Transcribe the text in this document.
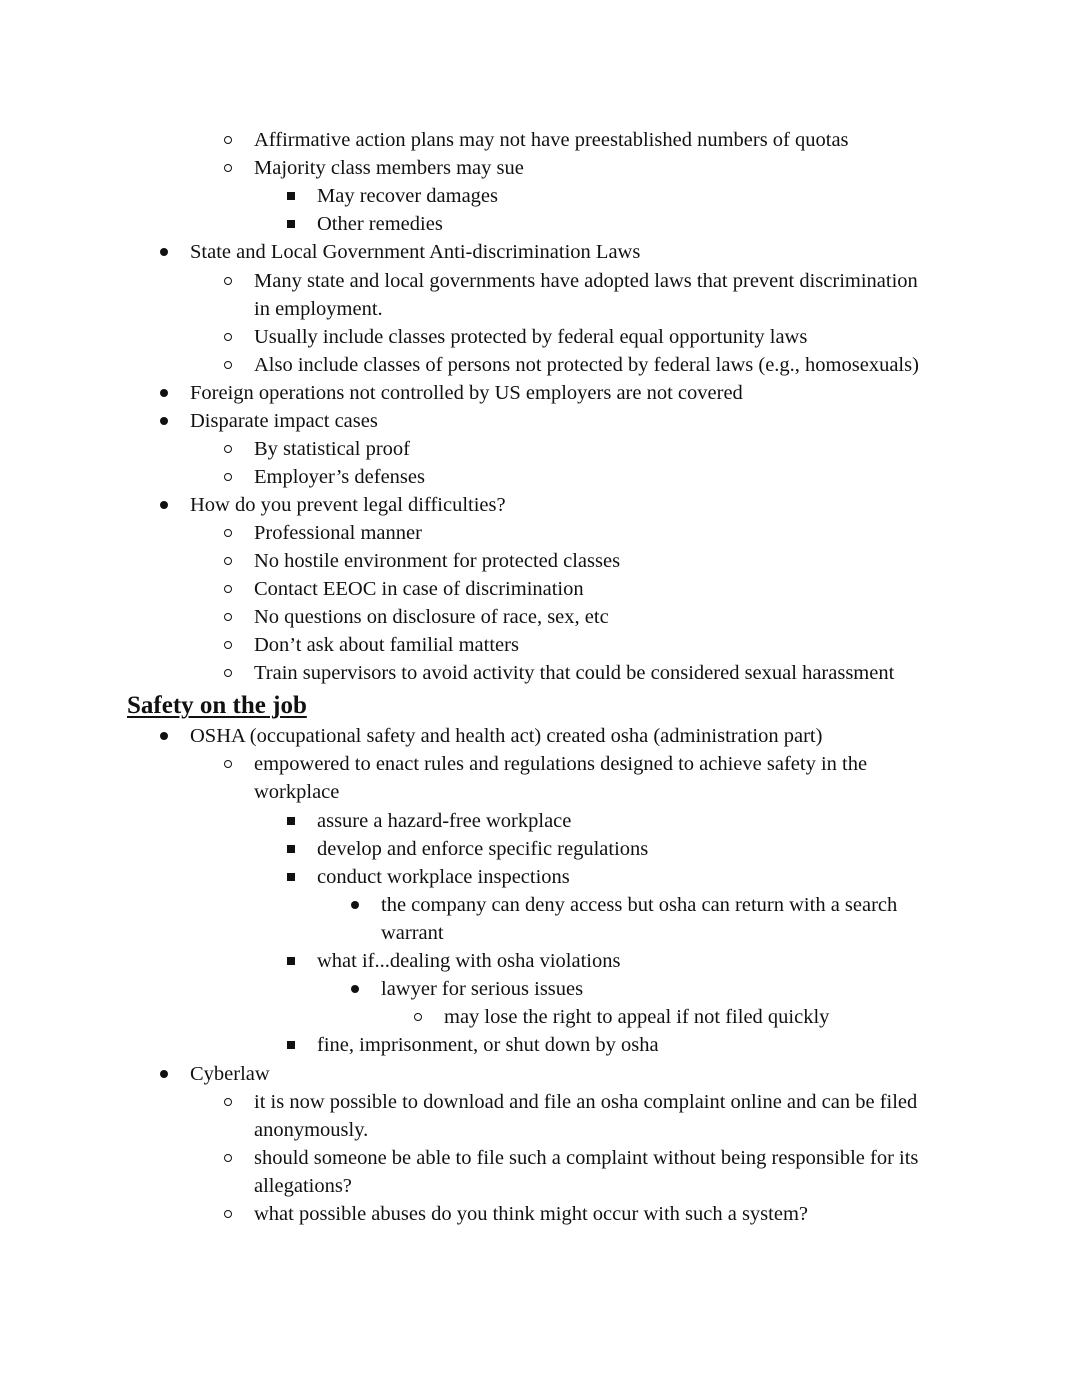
Affirmative action plans may not have preestablished numbers of quotas
Majority class members may sue
May recover damages
Other remedies
State and Local Government Anti-discrimination Laws
Many state and local governments have adopted laws that prevent discrimination
in employment.
Usually include classes protected by federal equal opportunity laws
Also include classes of persons not protected by federal laws (e.g., homosexuals)
Foreign operations not controlled by US employers are not covered
Disparate impact cases
By statistical proof
Employer’s defenses
How do you prevent legal difficulties?
Professional manner
No hostile environment for protected classes
Contact EEOC in case of discrimination
No questions on disclosure of race, sex, etc
Don’t ask about familial matters
Train supervisors to avoid activity that could be considered sexual harassment
Safety on the job
OSHA (occupational safety and health act) created osha (administration part)
empowered to enact rules and regulations designed to achieve safety in the
workplace
assure a hazard-free workplace
develop and enforce specific regulations
conduct workplace inspections
the company can deny access but osha can return with a search
warrant
what if...dealing with osha violations
lawyer for serious issues
may lose the right to appeal if not filed quickly
fine, imprisonment, or shut down by osha
Cyberlaw
it is now possible to download and file an osha complaint online and can be filed
anonymously.
should someone be able to file such a complaint without being responsible for its
allegations?
what possible abuses do you think might occur with such a system?
